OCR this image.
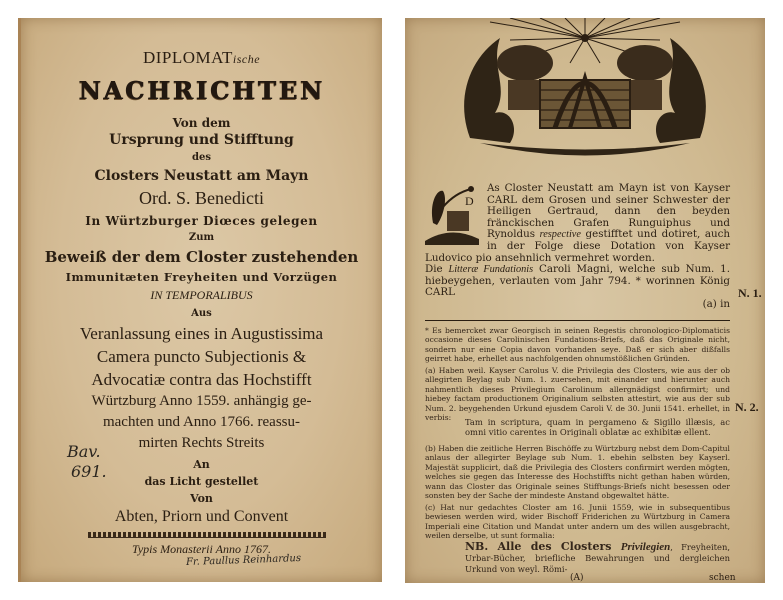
DIPLOMATische
NACHRICHTEN
Von dem
Ursprung und Stifftung
des
Closters Neustatt am Mayn
Ord. S. Benedicti
In Würtzburger Diœces gelegen
Zum
Beweiß der dem Closter zustehenden
Immunitæten Freyheiten und Vorzügen
IN TEMPORALIBUS
Aus
Veranlassung eines in Augustissima
Camera puncto Subjectionis &
Advocatiæ contra das Hochstifft
Würtzburg Anno 1559. anhängig ge-
machten und Anno 1766. reassu-
mirten Rechts Streits
An
das Licht gestellet
Von
Abten, Priorn und Convent
Typis Monasterii Anno 1767.
Bav.
691.
Fr. Paullus Reinhardus
D
As Closter Neustatt am Mayn ist von Kayser CARL dem Grosen und seiner Schwester der Heiligen Gertraud, dann den beyden fränckischen Grafen Runguiphus und Rynoldus respective gestifftet und dotiret, auch in der Folge diese Dotation von Kayser Ludovico pio ansehnlich vermehret worden.
Die Litteræ Fundationis Caroli Magni, welche sub Num. 1. hiebeygehen, verlauten vom Jahr 794. * worinnen König CARL
(a) in
N. 1.
N. 2.
* Es bemercket zwar Georgisch in seinen Regestis chronologico-Diplomaticis occasione dieses Carolinischen Fundations-Briefs, daß das Originale nicht, sondern nur eine Copia davon vorhanden seye. Daß er sich aber dißfalls geirret habe, erhellet aus nachfolgenden ohnumstößlichen Gründen.
(a) Haben weil. Kayser Carolus V. die Privilegia des Closters, wie aus der ob allegirten Beylag sub Num. 1. zuersehen, mit einander und hierunter auch nahmentlich dieses Privilegium Carolinum allergnädigst confirmirt; und hiebey factam productionem Originalium selbsten attestirt, wie aus der sub Num. 2. beygehenden Urkund ejusdem Caroli V. de 30. Junii 1541. erhellet, in verbis:	Tam in scriptura, quam in pergameno & Sigillo illæsis, ac omni vitio carentes in Originali oblatæ ac exhibitæ ellent.
(b) Haben die zeitliche Herren Bischöffe zu Würtzburg nebst dem Dom-Capitul anlaus der allegirter Beylage sub Num. 1. ebehin selbsten bey Kayserl. Majestät supplicirt, daß die Privilegia des Closters confirmirt werden mögten, welches sie gegen das Interesse des Hochstiffts nicht gethan haben würden, wann das Closter das Originale seines Stifftungs-Briefs nicht besessen oder sonsten bey der Sache der mindeste Anstand obgewaltet hätte.
(c) Hat nur gedachtes Closter am 16. Junii 1559, wie in subsequentibus bewiesen werden wird, wider Bischoff Friderichen zu Würtzburg in Camera Imperiali eine Citation und Mandat unter andern um des willen ausgebracht, weilen derselbe, ut sunt formalia:
NB. Alle des Closters Privilegien, Freyheiten, Urbar-Bücher, briefliche Bewahrungen und dergleichen Urkund von weyl. Römi-
(A)	schen
